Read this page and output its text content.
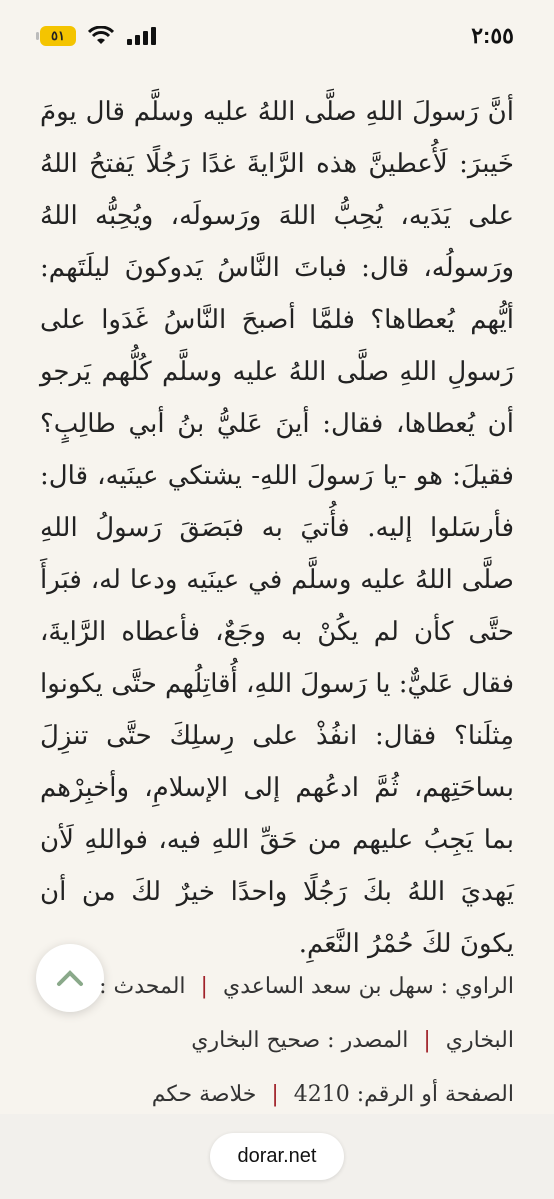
٥١	٢:٥٥
أنَّ رَسولَ اللهِ صلَّى اللهُ عليه وسلَّم قال يومَ خَيبرَ: لَأُعطينَّ هذه الرَّايةَ غدًا رَجُلًا يَفتحُ اللهُ على يَدَيه، يُحِبُّ اللهَ ورَسولَه، ويُحِبُّه اللهُ ورَسولُه، قال: فباتَ النَّاسُ يَدوكونَ ليلَتَهم: أيُّهم يُعطاها؟ فلمَّا أصبحَ النَّاسُ غَدَوا على رَسولِ اللهِ صلَّى اللهُ عليه وسلَّم كُلُّهم يَرجو أن يُعطاها، فقال: أينَ عَليُّ بنُ أبي طالِبٍ؟ فقيلَ: هو -يا رَسولَ اللهِ- يشتكي عينَيه، قال: فأرسَلوا إليه. فأُتيَ به فبَصَقَ رَسولُ اللهِ صلَّى اللهُ عليه وسلَّم في عينَيه ودعا له، فبَرأَ حتَّى كأن لم يكُنْ به وجَعٌ، فأعطاه الرَّايةَ، فقال عَليٌّ: يا رَسولَ اللهِ، أُقاتِلُهم حتَّى يكونوا مِثلَنا؟ فقال: انفُذْ على رِسلِكَ حتَّى تنزِلَ بساحَتِهم، ثُمَّ ادعُهم إلى الإسلامِ، وأخبِرْهم بما يَجِبُ عليهم من حَقِّ اللهِ فيه، فواللهِ لَأن يَهديَ اللهُ بكَ رَجُلًا واحدًا خيرٌ لكَ من أن يكونَ لكَ حُمْرُ النَّعَمِ.
الراوي : سهل بن سعد الساعدي | المحدث : البخاري | المصدر : صحيح البخاري
الصفحة أو الرقم: 4210 | خلاصة حكم
dorar.net
